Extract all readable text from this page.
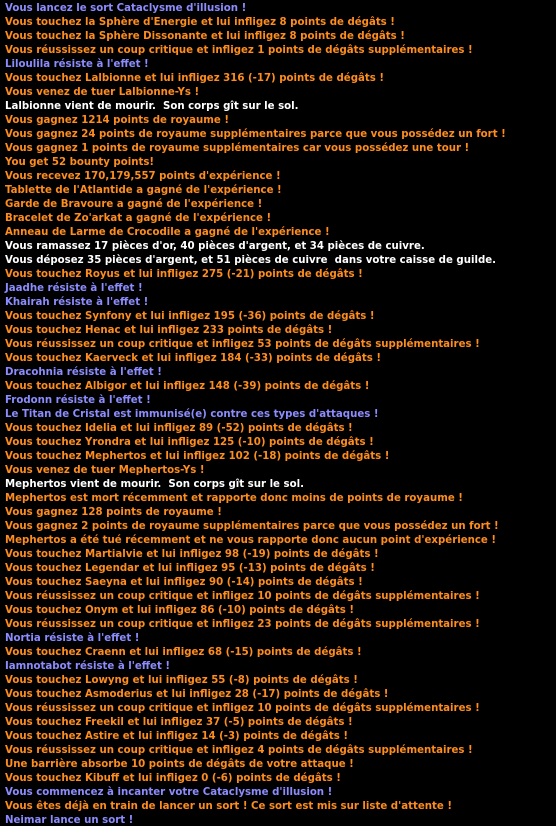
Vous lancez le sort Cataclysme d'illusion !
Vous touchez la Sphère d'Energie et lui infligez 8 points de dégâts !
Vous touchez la Sphère Dissonante et lui infligez 8 points de dégâts !
Vous réussissez un coup critique et infligez 1 points de dégâts supplémentaires !
Liloulila résiste à l'effet !
Vous touchez Lalbionne et lui infligez 316 (-17) points de dégâts !
Vous venez de tuer Lalbionne-Ys !
Lalbionne vient de mourir.  Son corps gît sur le sol.
Vous gagnez 1214 points de royaume !
Vous gagnez 24 points de royaume supplémentaires parce que vous possédez un fort !
Vous gagnez 1 points de royaume supplémentaires car vous possédez une tour !
You get 52 bounty points!
Vous recevez 170,179,557 points d'expérience !
Tablette de l'Atlantide a gagné de l'expérience !
Garde de Bravoure a gagné de l'expérience !
Bracelet de Zo'arkat a gagné de l'expérience !
Anneau de Larme de Crocodile a gagné de l'expérience !
Vous ramassez 17 pièces d'or, 40 pièces d'argent, et 34 pièces de cuivre.
Vous déposez 35 pièces d'argent, et 51 pièces de cuivre  dans votre caisse de guilde.
Vous touchez Royus et lui infligez 275 (-21) points de dégâts !
Jaadhe résiste à l'effet !
Khairah résiste à l'effet !
Vous touchez Synfony et lui infligez 195 (-36) points de dégâts !
Vous touchez Henac et lui infligez 233 points de dégâts !
Vous réussissez un coup critique et infligez 53 points de dégâts supplémentaires !
Vous touchez Kaerveck et lui infligez 184 (-33) points de dégâts !
Dracohnia résiste à l'effet !
Vous touchez Albigor et lui infligez 148 (-39) points de dégâts !
Frodonn résiste à l'effet !
Le Titan de Cristal est immunisé(e) contre ces types d'attaques !
Vous touchez Idelia et lui infligez 89 (-52) points de dégâts !
Vous touchez Yrondra et lui infligez 125 (-10) points de dégâts !
Vous touchez Mephertos et lui infligez 102 (-18) points de dégâts !
Vous venez de tuer Mephertos-Ys !
Mephertos vient de mourir.  Son corps gît sur le sol.
Mephertos est mort récemment et rapporte donc moins de points de royaume !
Vous gagnez 128 points de royaume !
Vous gagnez 2 points de royaume supplémentaires parce que vous possédez un fort !
Mephertos a été tué récemment et ne vous rapporte donc aucun point d'expérience !
Vous touchez Martialvie et lui infligez 98 (-19) points de dégâts !
Vous touchez Legendar et lui infligez 95 (-13) points de dégâts !
Vous touchez Saeyna et lui infligez 90 (-14) points de dégâts !
Vous réussissez un coup critique et infligez 10 points de dégâts supplémentaires !
Vous touchez Onym et lui infligez 86 (-10) points de dégâts !
Vous réussissez un coup critique et infligez 23 points de dégâts supplémentaires !
Nortia résiste à l'effet !
Vous touchez Craenn et lui infligez 68 (-15) points de dégâts !
Iamnotabot résiste à l'effet !
Vous touchez Lowyng et lui infligez 55 (-8) points de dégâts !
Vous touchez Asmoderius et lui infligez 28 (-17) points de dégâts !
Vous réussissez un coup critique et infligez 10 points de dégâts supplémentaires !
Vous touchez Freekil et lui infligez 37 (-5) points de dégâts !
Vous touchez Astire et lui infligez 14 (-3) points de dégâts !
Vous réussissez un coup critique et infligez 4 points de dégâts supplémentaires !
Une barrière absorbe 10 points de dégâts de votre attaque !
Vous touchez Kibuff et lui infligez 0 (-6) points de dégâts !
Vous commencez à incanter votre Cataclysme d'illusion !
Vous êtes déjà en train de lancer un sort ! Ce sort est mis sur liste d'attente !
Neimar lance un sort !
